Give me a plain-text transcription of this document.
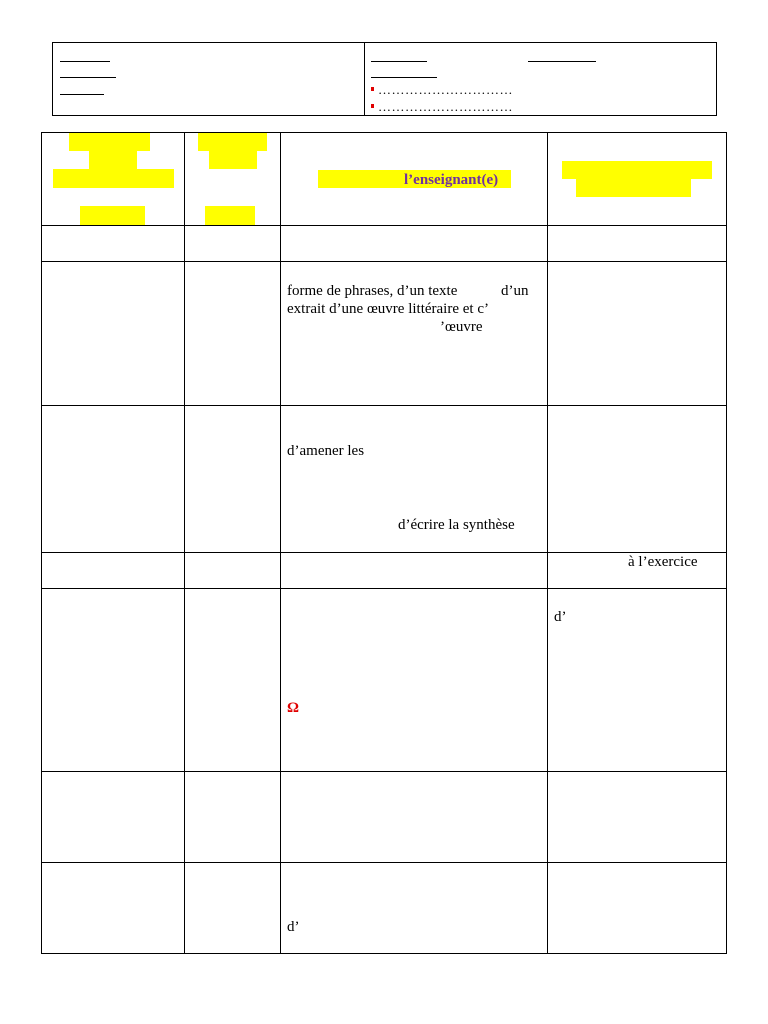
…………………………
…………………………
l’enseignant(e)
forme de phrases, d’un texte	d’un
extrait d’une œuvre littéraire et c’
’œuvre
d’amener les
d’écrire la synthèse
à l’exercice
d’
Ω
d’
